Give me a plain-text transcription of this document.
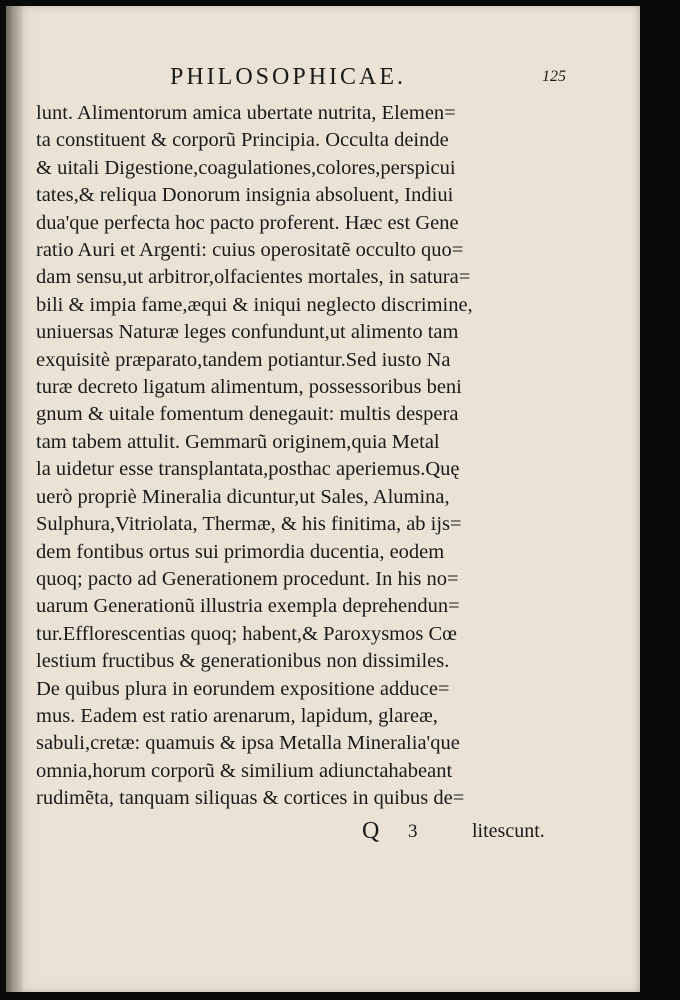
PHILOSOPHICAE.	125
lunt. Alimentorum amica ubertate nutrita, Elemen=
ta constituent & corporũ Principia. Occulta deinde
& uitali Digestione,coagulationes,colores,perspicui
tates,& reliqua Donorum insignia absoluent, Indiui
dua'que perfecta hoc pacto proferent. Hæc est Gene
ratio Auri et Argenti: cuius operositatẽ occulto quo=
dam sensu,ut arbitror,olfacientes mortales, in satura=
bili & impia fame,æqui & iniqui neglecto discrimine,
uniuersas Naturæ leges confundunt,ut alimento tam
exquisitè præparato,tandem potiantur.Sed iusto Na
turæ decreto ligatum alimentum, possessoribus beni
gnum & uitale fomentum denegauit: multis despera
tam tabem attulit. Gemmarũ originem,quia Metal
la uidetur esse transplantata,posthac aperiemus.Quę
uerò propriè Mineralia dicuntur,ut Sales, Alumina,
Sulphura,Vitriolata, Thermæ, & his finitima, ab ijs=
dem fontibus ortus sui primordia ducentia, eodem
quoq; pacto ad Generationem procedunt. In his no=
uarum Generationũ illustria exempla deprehendun=
tur.Efflorescentias quoq; habent,& Paroxysmos Cœ
lestium fructibus & generationibus non dissimiles.
De quibus plura in eorundem expositione adduce=
mus. Eadem est ratio arenarum, lapidum, glareæ,
sabuli,cretæ: quamuis & ipsa Metalla Mineralia'que
omnia,horum corporũ & similium adiunctahabeant
rudimẽta, tanquam siliquas & cortices in quibus de=
Q 3	litescunt.
